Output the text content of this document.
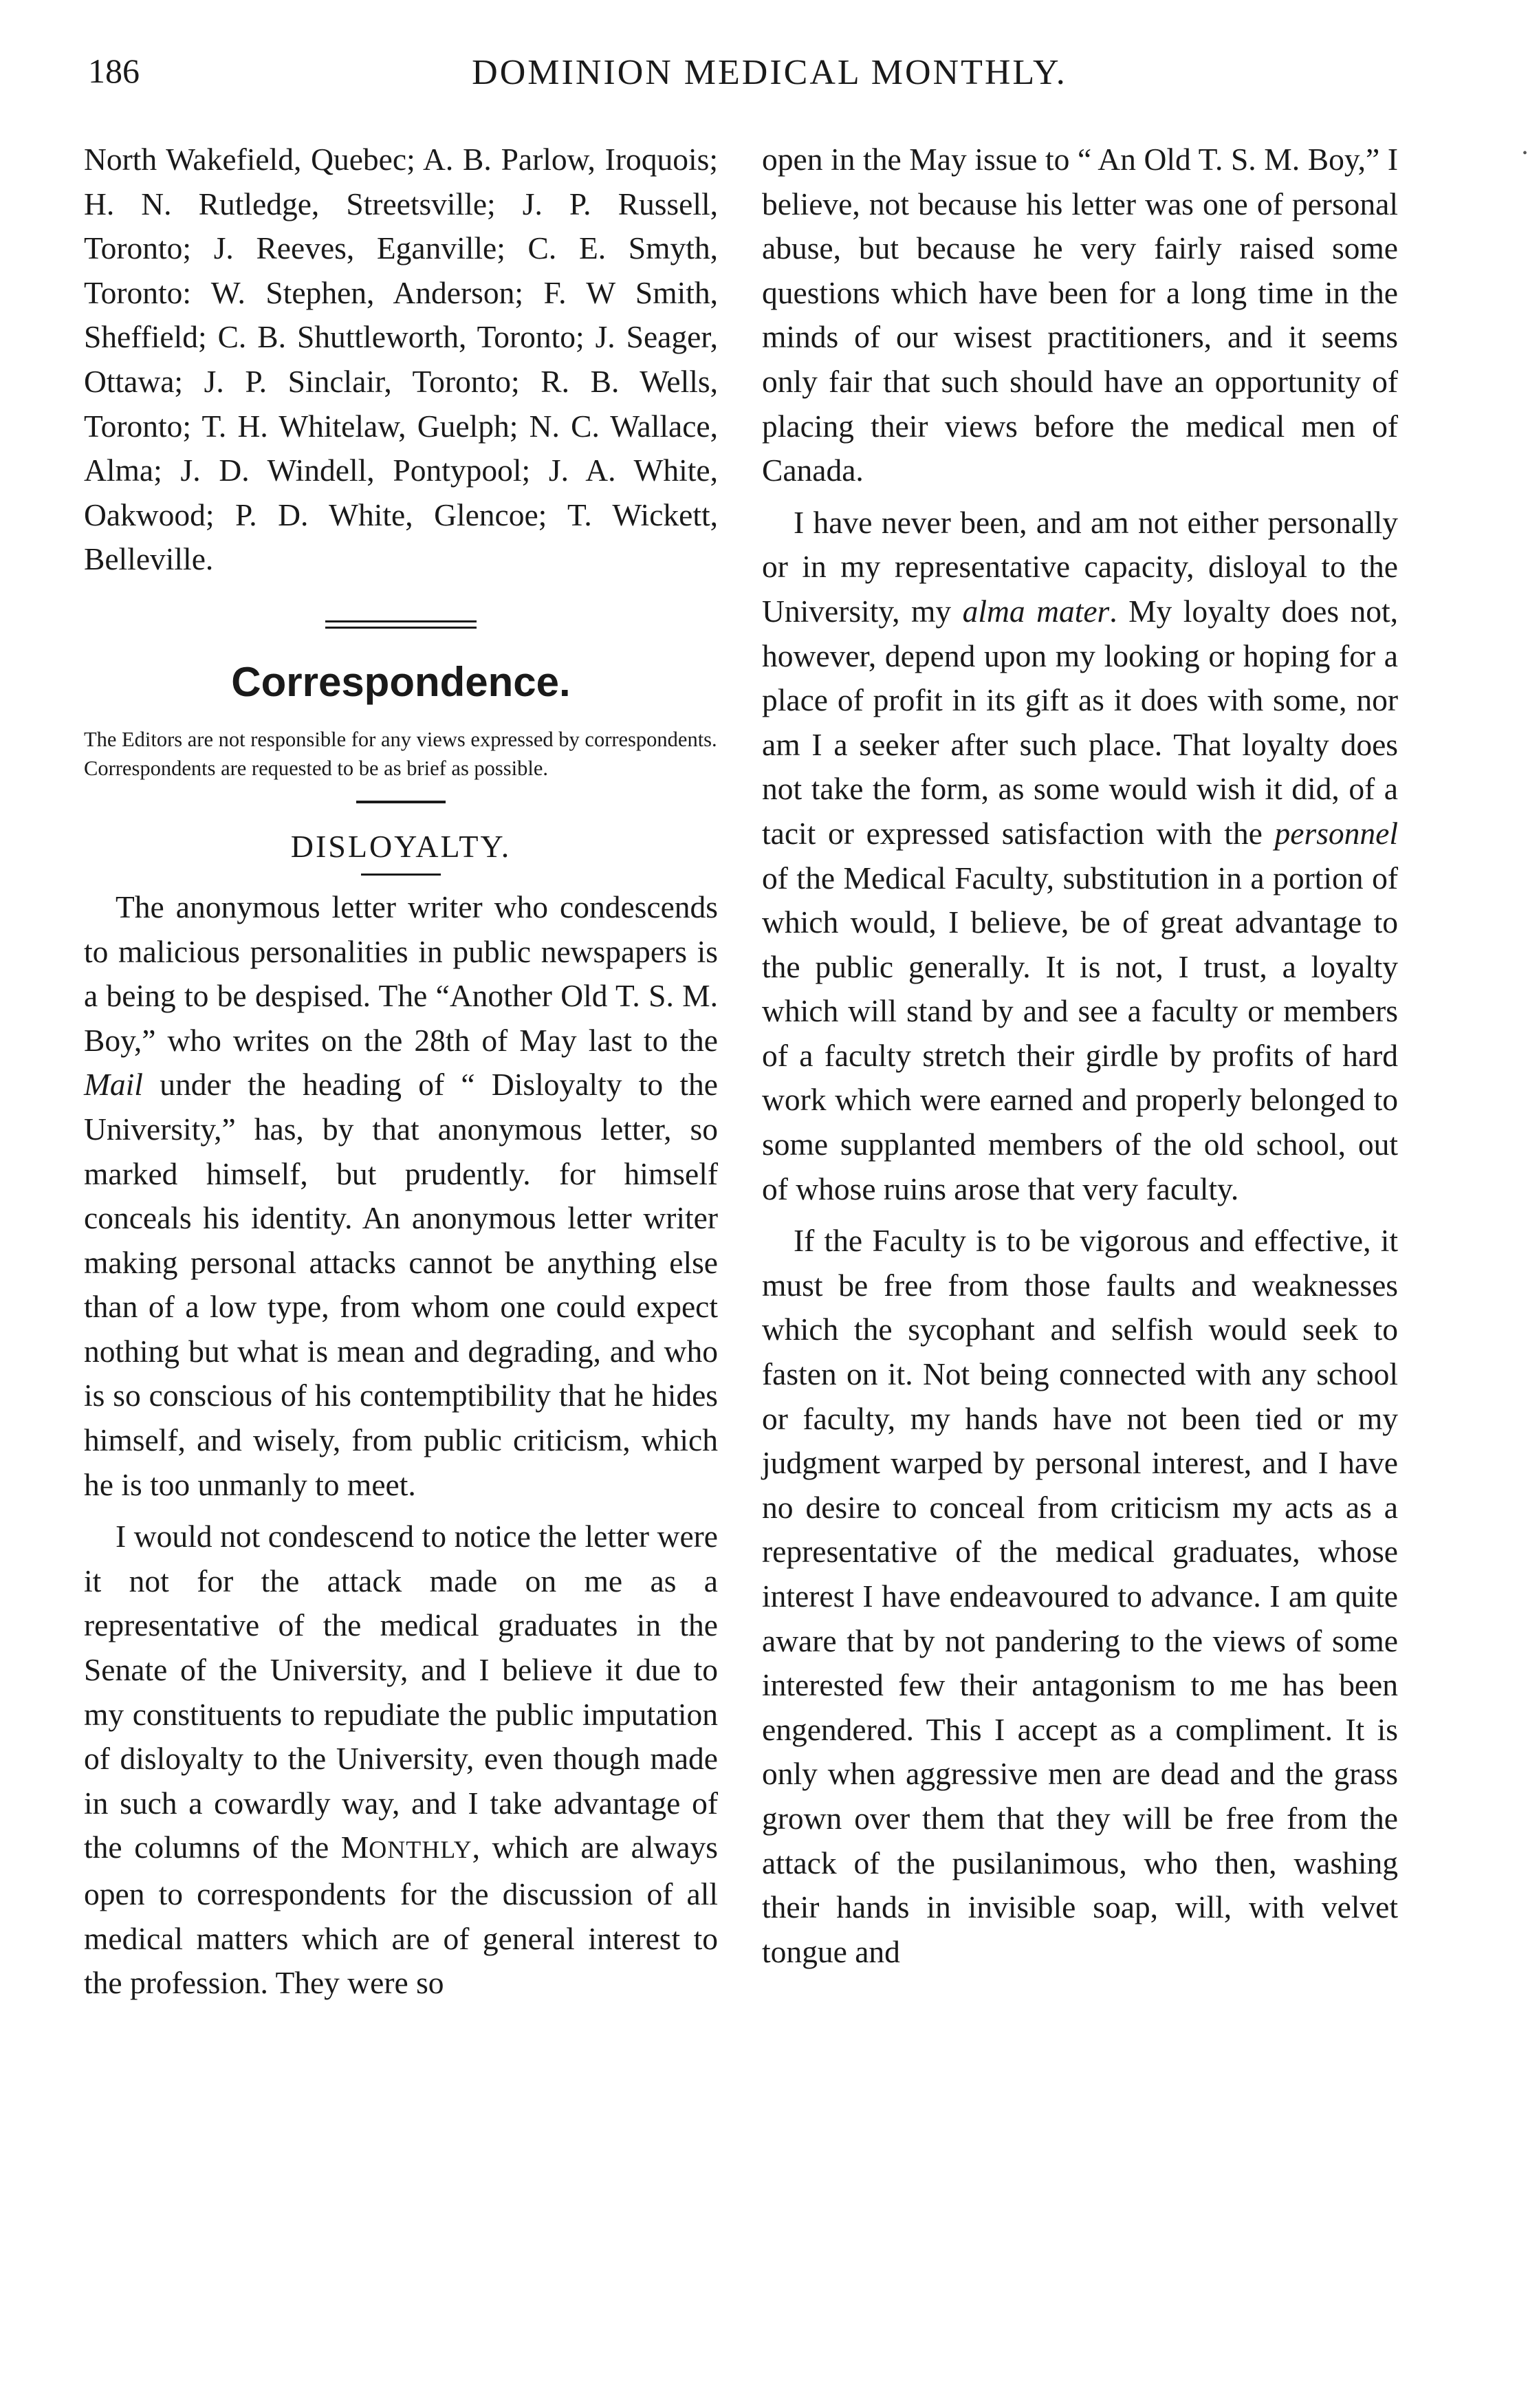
186	DOMINION MEDICAL MONTHLY.

North Wakefield, Quebec; A. B. Parlow, Iroquois; H. N. Rutledge, Streetsville; J. P. Russell, Toronto; J. Reeves, Eganville; C. E. Smyth, Toronto: W. Stephen, Anderson; F. W Smith, Sheffield; C. B. Shuttleworth, Toronto; J. Seager, Ottawa; J. P. Sinclair, Toronto; R. B. Wells, Toronto; T. H. Whitelaw, Guelph; N. C. Wallace, Alma; J. D. Windell, Pontypool; J. A. White, Oakwood; P. D. White, Glencoe; T. Wickett, Belleville.

Correspondence.
The Editors are not responsible for any views expressed by correspondents.
Correspondents are requested to be as brief as possible.
DISLOYALTY.

The anonymous letter writer who condescends to malicious personalities in public newspapers is a being to be despised. The “Another Old T. S. M. Boy,” who writes on the 28th of May last to the Mail under the heading of “ Disloyalty to the University,” has, by that anonymous letter, so marked himself, but prudently. for himself conceals his identity. An anonymous letter writer making personal attacks cannot be anything else than of a low type, from whom one could expect nothing but what is mean and degrading, and who is so conscious of his contemptibility that he hides himself, and wisely, from public criticism, which he is too unmanly to meet.

I would not condescend to notice the letter were it not for the attack made on me as a representative of the medical graduates in the Senate of the University, and I believe it due to my constituents to repudiate the public imputation of disloyalty to the University, even though made in such a cowardly way, and I take advantage of the columns of the MONTHLY, which are always open to correspondents for the discussion of all medical matters which are of general interest to the profession. They were so

open in the May issue to “ An Old T. S. M. Boy,” I believe, not because his letter was one of personal abuse, but because he very fairly raised some questions which have been for a long time in the minds of our wisest practitioners, and it seems only fair that such should have an opportunity of placing their views before the medical men of Canada.

I have never been, and am not either personally or in my representative capacity, disloyal to the University, my alma mater. My loyalty does not, however, depend upon my looking or hoping for a place of profit in its gift as it does with some, nor am I a seeker after such place. That loyalty does not take the form, as some would wish it did, of a tacit or expressed satisfaction with the personnel of the Medical Faculty, substitution in a portion of which would, I believe, be of great advantage to the public generally. It is not, I trust, a loyalty which will stand by and see a faculty or members of a faculty stretch their girdle by profits of hard work which were earned and properly belonged to some supplanted members of the old school, out of whose ruins arose that very faculty.

If the Faculty is to be vigorous and effective, it must be free from those faults and weaknesses which the sycophant and selfish would seek to fasten on it. Not being connected with any school or faculty, my hands have not been tied or my judgment warped by personal interest, and I have no desire to conceal from criticism my acts as a representative of the medical graduates, whose interest I have endeavoured to advance. I am quite aware that by not pandering to the views of some interested few their antagonism to me has been engendered. This I accept as a compliment. It is only when aggressive men are dead and the grass grown over them that they will be free from the attack of the pusilanimous, who then, washing their hands in invisible soap, will, with velvet tongue and

•
